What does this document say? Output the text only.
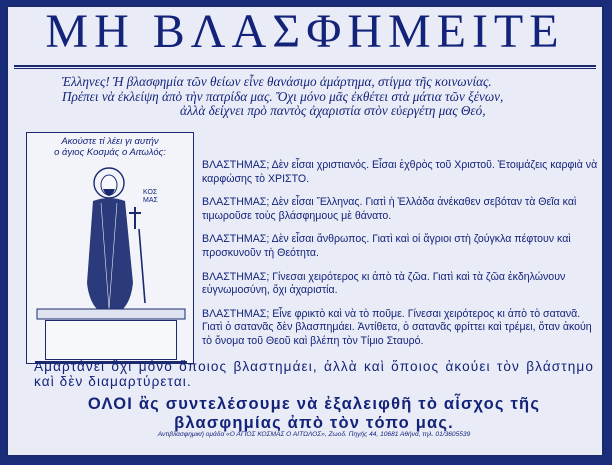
ΜΗ ΒΛΑΣΦΗΜΕΙΤΕ

Έλληνες! Ή βλασφημία τῶν θείων εἶνε θανάσιμο ἁμάρτημα, στίγμα τῆς κοινωνίας.

Πρέπει νὰ ἐκλείψη ἀπὸ τὴν πατρίδα μας. Ὄχι μόνο μᾶς ἐκθέτει στὰ μάτια τῶν ξένων,

ἀλλὰ δείχνει πρὸ παντὸς ἀχαριστία στὸν εὐεργέτη μας Θεό,

Ακούστε τί λέει γι αυτήν
ο άγιος Κοσμάς ο Αιτωλός:
ΚΟΣ
ΜΑΣ
ΒΛΑΣΤΗΜΑΣ; Δὲν εἶσαι χριστιανός. Εἶσαι ἐχθρὸς τοῦ Χριστοῦ. Ἑτοιμάζεις καρφιὰ νὰ καρφώσης τὸ ΧΡΙΣΤΟ.
ΒΛΑΣΤΗΜΑΣ; Δὲν εἶσαι Ἕλληνας. Γιατὶ ἡ Ἑλλάδα ἀνέκαθεν σεβόταν τὰ Θεῖα καὶ τιμωροῦσε τοὺς βλάσφημους μὲ θάνατο.
ΒΛΑΣΤΗΜΑΣ; Δὲν εἶσαι ἄνθρωπος. Γιατὶ καὶ οἱ ἄγριοι στὴ ζούγκλα πέφτουν καὶ προσκυνοῦν τὴ Θεότητα.
ΒΛΑΣΤΗΜΑΣ; Γίνεσαι χειρότερος κι ἀπὸ τὰ ζῶα. Γιατὶ καὶ τὰ ζῶα ἐκδηλώνουν εὐγνωμοσύνη, ὄχι ἀχαριστία.
ΒΛΑΣΤΗΜΑΣ; Εἶνε φρικτὸ καὶ νὰ τὸ ποῦμε. Γίνεσαι χειρότερος κι ἀπὸ τὸ σατανᾶ. Γιατὶ ὁ σατανᾶς δὲν βλασπημάει. Ἀντίθετα, ὁ σατανᾶς φρίττει καὶ τρέμει, ὅταν ἀκούη τὸ ὄνομα τοῦ Θεοῦ καὶ βλέπη τὸν Τίμιο Σταυρό.
Ἁμαρτάνει ὄχι μόνο ὅποιος βλαστημάει, ἀλλὰ καὶ ὅποιος ἀκούει τὸν βλάστημο καὶ δὲν διαμαρτύρεται.
ΟΛΟΙ ἂς συντελέσουμε νὰ ἐξαλειφθῆ τὸ αἶσχος τῆς βλασφημίας ἀπὸ τὸν τόπο μας.
Αντιβλασφημική ομάδα «Ο ΑΓΙΟΣ ΚΟΣΜΑΣ Ο ΑΙΤΩΛΟΣ», Ζωοδ. Πηγής 44, 10681 Αθήνα, τηλ. 01/3605539
